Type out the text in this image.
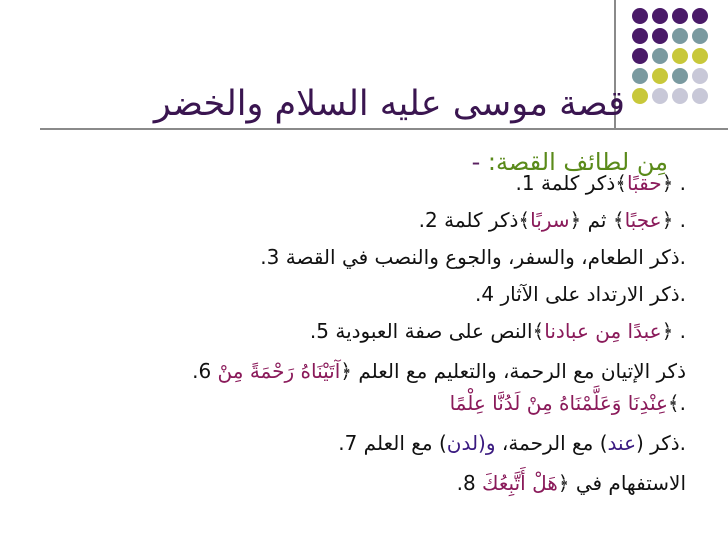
قصة موسى عليه السلام والخضر
مِن لطائف القصة: -
. ﴿حقبًا﴾ذكر كلمة 1.
. ﴿عجبًا﴾ ثم ﴿سربًا﴾ذكر كلمة 2.
.ذكر الطعام، والسفر، والجوع والنصب في القصة 3.
.ذكر الارتداد على الآثار 4.
. ﴿عبدًا مِن عبادنا﴾النص على صفة العبودية 5.
ذكر الإتيان مع الرحمة، والتعليم مع العلم ﴿آتَيْنَاهُ رَحْمَةً مِنْ 6.
.﴾عِنْدِنَا وَعَلَّمْنَاهُ مِنْ لَدُنَّا عِلْمًا
.ذكر (عند) مع الرحمة، و(لدن) مع العلم 7.
الاستفهام في ﴿هَلْ أَتَّبِعُكَ 8.
